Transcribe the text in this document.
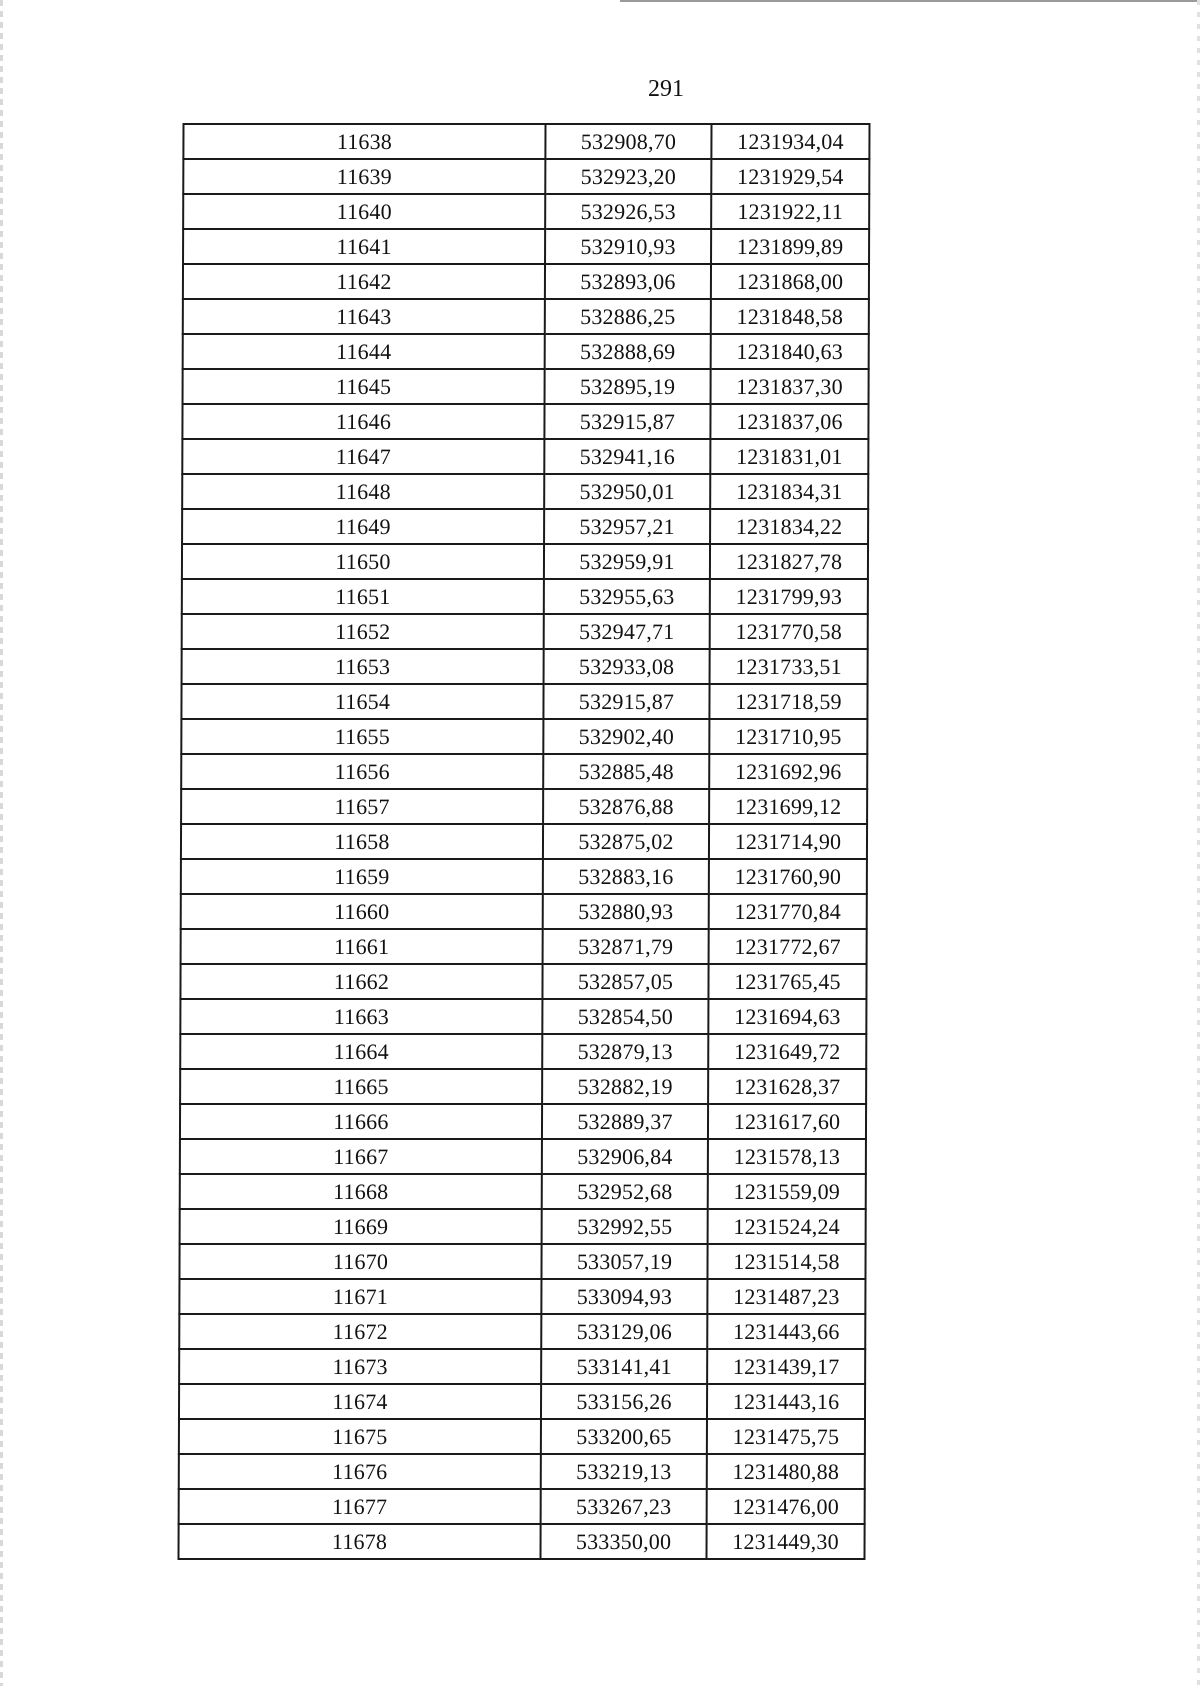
291
11638	532908,70	1231934,04
11639	532923,20	1231929,54
11640	532926,53	1231922,11
11641	532910,93	1231899,89
11642	532893,06	1231868,00
11643	532886,25	1231848,58
11644	532888,69	1231840,63
11645	532895,19	1231837,30
11646	532915,87	1231837,06
11647	532941,16	1231831,01
11648	532950,01	1231834,31
11649	532957,21	1231834,22
11650	532959,91	1231827,78
11651	532955,63	1231799,93
11652	532947,71	1231770,58
11653	532933,08	1231733,51
11654	532915,87	1231718,59
11655	532902,40	1231710,95
11656	532885,48	1231692,96
11657	532876,88	1231699,12
11658	532875,02	1231714,90
11659	532883,16	1231760,90
11660	532880,93	1231770,84
11661	532871,79	1231772,67
11662	532857,05	1231765,45
11663	532854,50	1231694,63
11664	532879,13	1231649,72
11665	532882,19	1231628,37
11666	532889,37	1231617,60
11667	532906,84	1231578,13
11668	532952,68	1231559,09
11669	532992,55	1231524,24
11670	533057,19	1231514,58
11671	533094,93	1231487,23
11672	533129,06	1231443,66
11673	533141,41	1231439,17
11674	533156,26	1231443,16
11675	533200,65	1231475,75
11676	533219,13	1231480,88
11677	533267,23	1231476,00
11678	533350,00	1231449,30
